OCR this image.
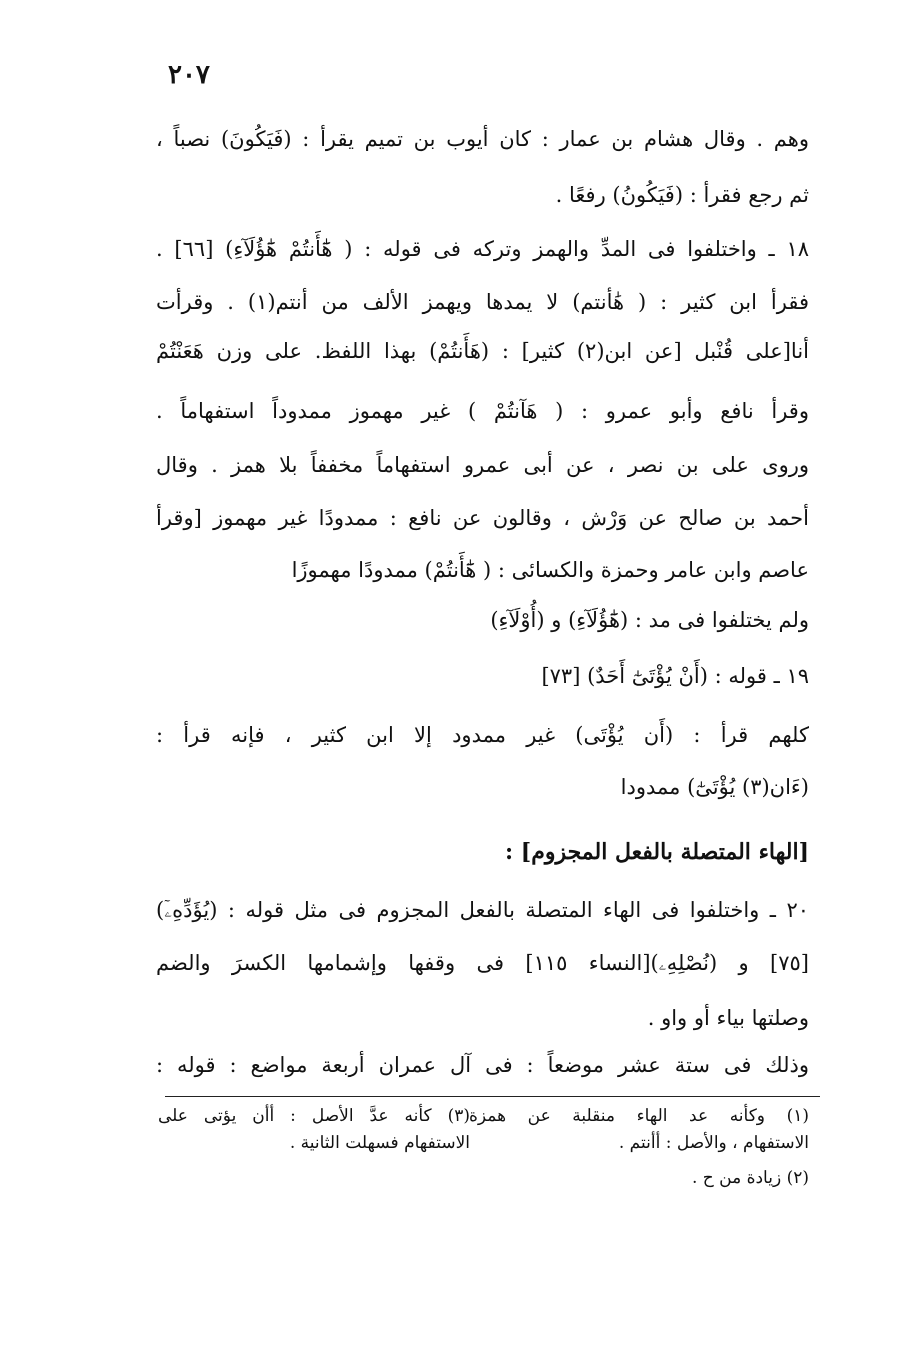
٢٠٧
وهم . وقال هشام بن عمار : كان أيوب بن تميم يقرأ : (فَيَكُونَ) نصباً ،
ثم رجع فقرأ : (فَيَكُونُ) رفعًا .
١٨ ـ واختلفوا فى المدِّ والهمز وتركه فى قوله : ( هَٰٓأَنتُمْ هَٰٓؤُلَآءِ) [٦٦] .
فقرأ ابن كثير : ( هَٰأنتم) لا يمدها ويهمز الألف من أنتم(١) . وقرأت
أنا[على قُنْبل [عن ابن(٢) كثير] : (هَأَنتُمْ) بهذا اللفظ. على وزن هَعَنْتُمْ
وقرأ نافع وأبو عمرو : ( هَآنتُمْ ) غير مهموز ممدوداً استفهاماً .
وروى على بن نصر ، عن أبى عمرو استفهاماً مخففاً بلا همز . وقال
أحمد بن صالح عن وَرْش ، وقالون عن نافع : ممدودًا غير مهموز [وقرأ
عاصم وابن عامر وحمزة والكسائى : ( هَٰٓأَنتُمْ) ممدودًا مهموزًا
ولم يختلفوا فى مد : (هَٰٓؤُلَآءِ) و (أُوْلَآءِ)
١٩ ـ قوله : (أَنْ يُؤْتَىٰٓ أَحَدٌ) [٧٣]
كلهم قرأ : (أَن يُؤْتَى) غير ممدود إلا ابن كثير ، فإنه قرأ :
(ءَان(٣) يُؤْتَىٰٓ) ممدودا
[الهاء المتصلة بالفعل المجزوم] :
٢٠ ـ واختلفوا فى الهاء المتصلة بالفعل المجزوم فى مثل قوله : (يُؤَدِّهِۦٓ)
[٧٥] و (نُصْلِهِۦ)[النساء ١١٥] فى وقفها وإشمامها الكسرَ والضم
وصلتها بياء أو واو .
وذلك فى ستة عشر موضعاً : فى آل عمران أربعة مواضع : قوله :
(١) وكأنه عد الهاء منقلبة عن همزة
الاستفهام ، والأصل : أأنتم .
(٣) كأنه عدَّ الأصل : أأن يؤتى على
الاستفهام فسهلت الثانية .
(٢) زيادة من ح .
